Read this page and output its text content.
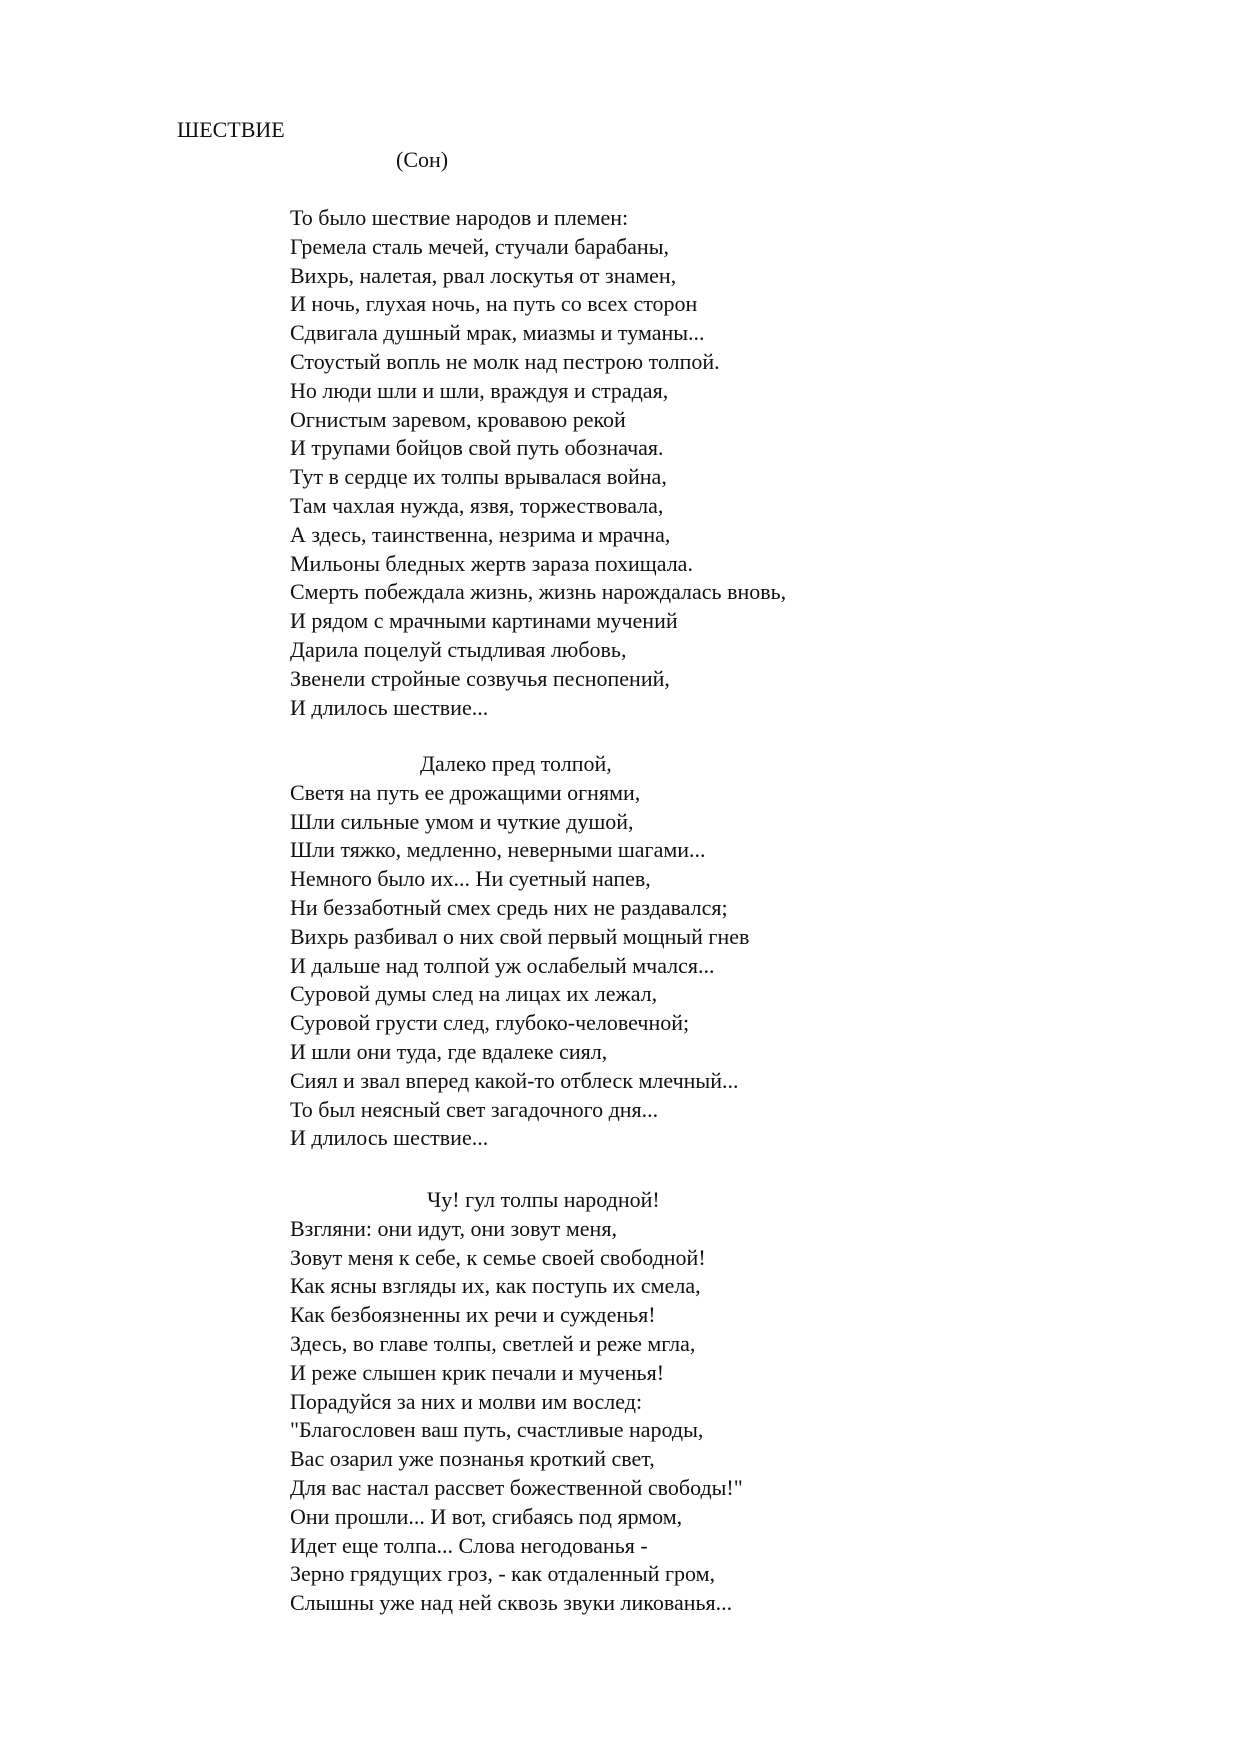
ШЕСТВИЕ
(Сон)
То было шествие народов и племен:
Гремела сталь мечей, стучали барабаны,
Вихрь, налетая, рвал лоскутья от знамен,
И ночь, глухая ночь, на путь со всех сторон
Сдвигала душный мрак, миазмы и туманы...
Стоустый вопль не молк над пестрою толпой.
Но люди шли и шли, враждуя и страдая,
Огнистым заревом, кровавою рекой
И трупами бойцов свой путь обозначая.
Тут в сердце их толпы врывалася война,
Там чахлая нужда, язвя, торжествовала,
А здесь, таинственна, незрима и мрачна,
Мильоны бледных жертв зараза похищала.
Смерть побеждала жизнь, жизнь нарождалась вновь,
И рядом с мрачными картинами мучений
Дарила поцелуй стыдливая любовь,
Звенели стройные созвучья песнопений,
И длилось шествие...
Далеко пред толпой,
Светя на путь ее дрожащими огнями,
Шли сильные умом и чуткие душой,
Шли тяжко, медленно, неверными шагами...
Немного было их... Ни суетный напев,
Ни беззаботный смех средь них не раздавался;
Вихрь разбивал о них свой первый мощный гнев
И дальше над толпой уж ослабелый мчался...
Суровой думы след на лицах их лежал,
Суровой грусти след, глубоко-человечной;
И шли они туда, где вдалеке сиял,
Сиял и звал вперед какой-то отблеск млечный...
То был неясный свет загадочного дня...
И длилось шествие...
Чу! гул толпы народной!
Взгляни: они идут, они зовут меня,
Зовут меня к себе, к семье своей свободной!
Как ясны взгляды их, как поступь их смела,
Как безбоязненны их речи и сужденья!
Здесь, во главе толпы, светлей и реже мгла,
И реже слышен крик печали и мученья!
Порадуйся за них и молви им вослед:
"Благословен ваш путь, счастливые народы,
Вас озарил уже познанья кроткий свет,
Для вас настал рассвет божественной свободы!"
Они прошли... И вот, сгибаясь под ярмом,
Идет еще толпа... Слова негодованья -
Зерно грядущих гроз, - как отдаленный гром,
Слышны уже над ней сквозь звуки ликованья...
